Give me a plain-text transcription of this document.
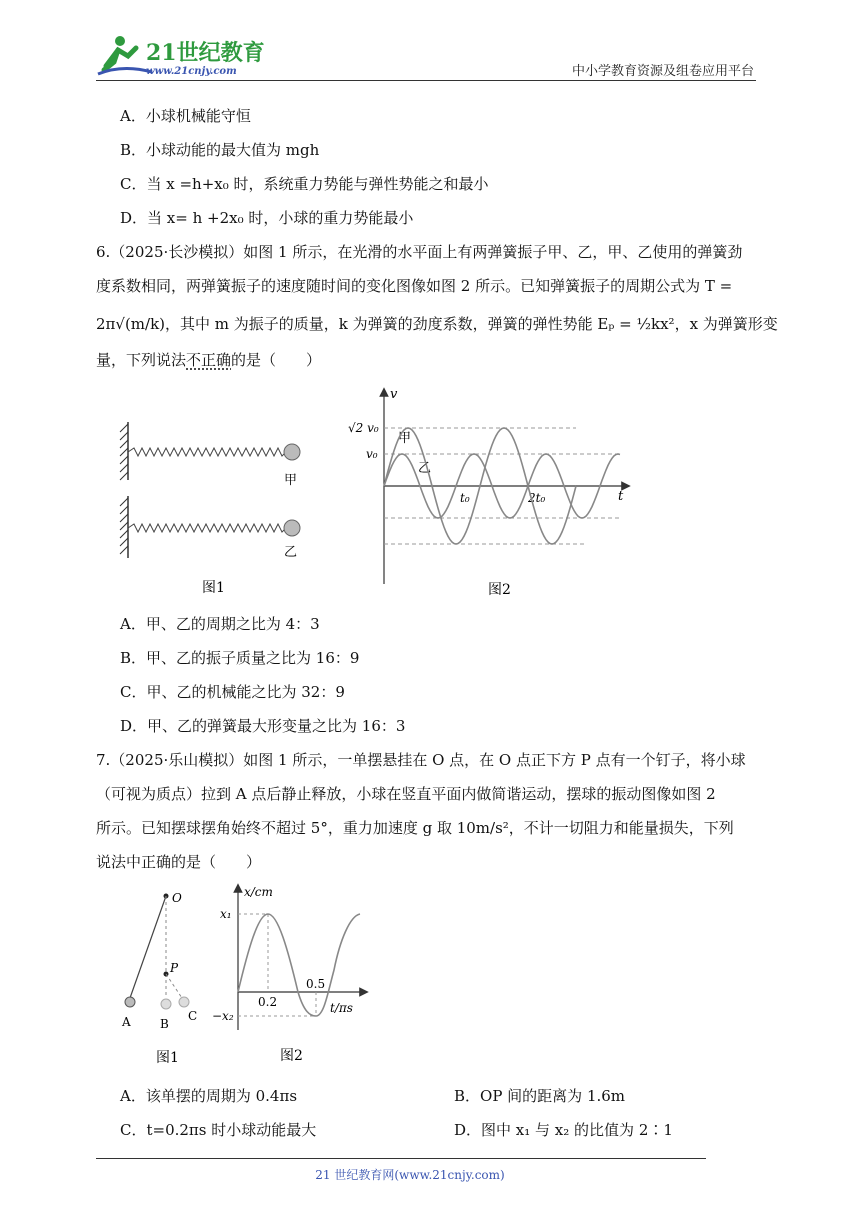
21世纪教育
www.21cnjy.com	中小学教育资源及组卷应用平台
A．小球机械能守恒
B．小球动能的最大值为 mgh
C．当 x =h+x₀ 时，系统重力势能与弹性势能之和最小
D．当 x= h +2x₀ 时，小球的重力势能最小
6.（2025·长沙模拟）如图 1 所示，在光滑的水平面上有两弹簧振子甲、乙，甲、乙使用的弹簧劲
度系数相同，两弹簧振子的速度随时间的变化图像如图 2 所示。已知弹簧振子的周期公式为 T =
2π√(m/k)，其中 m 为振子的质量，k 为弹簧的劲度系数，弹簧的弹性势能 Eₚ = ½kx²，x 为弹簧形变
量，下列说法不正确的是（　　）
甲
乙
图1
v
t
√2 v₀
v₀
甲
乙
t₀	2t₀
图2
A．甲、乙的周期之比为 4：3
B．甲、乙的振子质量之比为 16：9
C．甲、乙的机械能之比为 32：9
D．甲、乙的弹簧最大形变量之比为 16：3
7.（2025·乐山模拟）如图 1 所示，一单摆悬挂在 O 点，在 O 点正下方 P 点有一个钉子，将小球
（可视为质点）拉到 A 点后静止释放，小球在竖直平面内做简谐运动，摆球的振动图像如图 2
所示。已知摆球摆角始终不超过 5°，重力加速度 g 取 10m/s²，不计一切阻力和能量损失，下列
说法中正确的是（　　）
O
P
A B
C
图1
x/cm
t/πs
x₁
−x₂
0.2
0.5
图2
A．该单摆的周期为 0.4πs	B．OP 间的距离为 1.6m
C．t=0.2πs 时小球动能最大	D．图中 x₁ 与 x₂ 的比值为 2∶1
21 世纪教育网(www.21cnjy.com)
